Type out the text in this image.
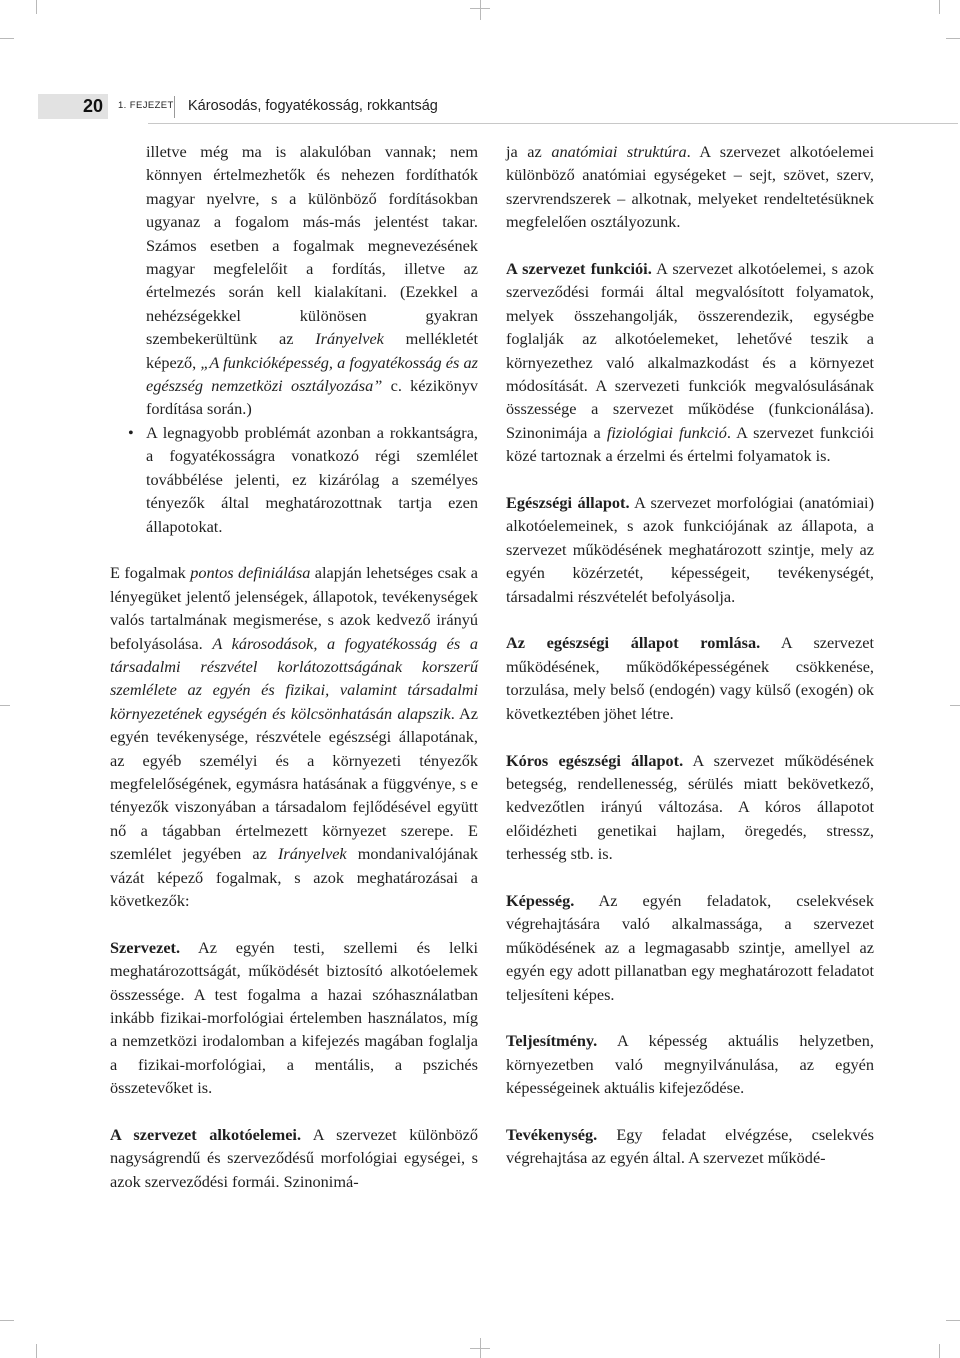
20	1. FEJEZET Károsodás, fogyatékosság, rokkantság

illetve még ma is alakulóban vannak; nem könnyen értelmezhetők és nehezen fordíthatók magyar nyelvre, s a különböző fordításokban ugyanaz a fogalom más-más jelentést takar. Számos esetben a fogalmak megnevezésének magyar megfelelőit a fordítás, illetve az értelmezés során kell kialakítani. (Ezekkel a nehézségekkel különösen gyakran szembekerültünk az Irányelvek mellékletét képező, „A funkcióképesség, a fogyatékosság és az egészség nemzetközi osztályozása” c. kézikönyv fordítása során.)

• A legnagyobb problémát azonban a rokkantságra, a fogyatékosságra vonatkozó régi szemlélet továbbélése jelenti, ez kizárólag a személyes tényezők által meghatározottnak tartja ezen állapotokat.

E fogalmak pontos definiálása alapján lehetséges csak a lényegüket jelentő jelenségek, állapotok, tevékenységek valós tartalmának megismerése, s azok kedvező irányú befolyásolása. A károsodások, a fogyatékosság és a társadalmi részvétel korlátozottságának korszerű szemlélete az egyén és fizikai, valamint társadalmi környezetének egységén és kölcsönhatásán alapszik. Az egyén tevékenysége, részvétele egészségi állapotának, az egyéb személyi és a környezeti tényezők megfelelőségének, egymásra hatásának a függvénye, s e tényezők viszonyában a társadalom fejlődésével együtt nő a tágabban értelmezett környezet szerepe. E szemlélet jegyében az Irányelvek mondanivalójának vázát képező fogalmak, s azok meghatározásai a következők:

Szervezet. Az egyén testi, szellemi és lelki meghatározottságát, működését biztosító alkotóelemek összessége. A test fogalma a hazai szóhasználatban inkább fizikai-morfológiai értelemben használatos, míg a nemzetközi irodalomban a kifejezés magában foglalja a fizikai-morfológiai, a mentális, a pszichés összetevőket is.

A szervezet alkotóelemei. A szervezet különböző nagyságrendű és szerveződésű morfológiai egységei, s azok szerveződési formái. Szinonimá-

ja az anatómiai struktúra. A szervezet alkotóelemei különböző anatómiai egységeket – sejt, szövet, szerv, szervrendszerek – alkotnak, melyeket rendeltetésüknek megfelelően osztályozunk.

A szervezet funkciói. A szervezet alkotóelemei, s azok szerveződési formái által megvalósított folyamatok, melyek összehangolják, összerendezik, egységbe foglalják az alkotóelemeket, lehetővé teszik a környezethez való alkalmazkodást és a környezet módosítását. A szervezeti funkciók megvalósulásának összessége a szervezet működése (funkcionálása). Szinonimája a fiziológiai funkció. A szervezet funkciói közé tartoznak a érzelmi és értelmi folyamatok is.

Egészségi állapot. A szervezet morfológiai (anatómiai) alkotóelemeinek, s azok funkciójának az állapota, a szervezet működésének meghatározott szintje, mely az egyén közérzetét, képességeit, tevékenységét, társadalmi részvételét befolyásolja.

Az egészségi állapot romlása. A szervezet működésének, működőképességének csökkenése, torzulása, mely belső (endogén) vagy külső (exogén) ok következtében jöhet létre.

Kóros egészségi állapot. A szervezet működésének betegség, rendellenesség, sérülés miatt bekövetkező, kedvezőtlen irányú változása. A kóros állapotot előidézheti genetikai hajlam, öregedés, stressz, terhesség stb. is.

Képesség. Az egyén feladatok, cselekvések végrehajtására való alkalmassága, a szervezet működésének az a legmagasabb szintje, amellyel az egyén egy adott pillanatban egy meghatározott feladatot teljesíteni képes.

Teljesítmény. A képesség aktuális helyzetben, környezetben való megnyilvánulása, az egyén képességeinek aktuális kifejeződése.

Tevékenység. Egy feladat elvégzése, cselekvés végrehajtása az egyén által. A szervezet működé-
